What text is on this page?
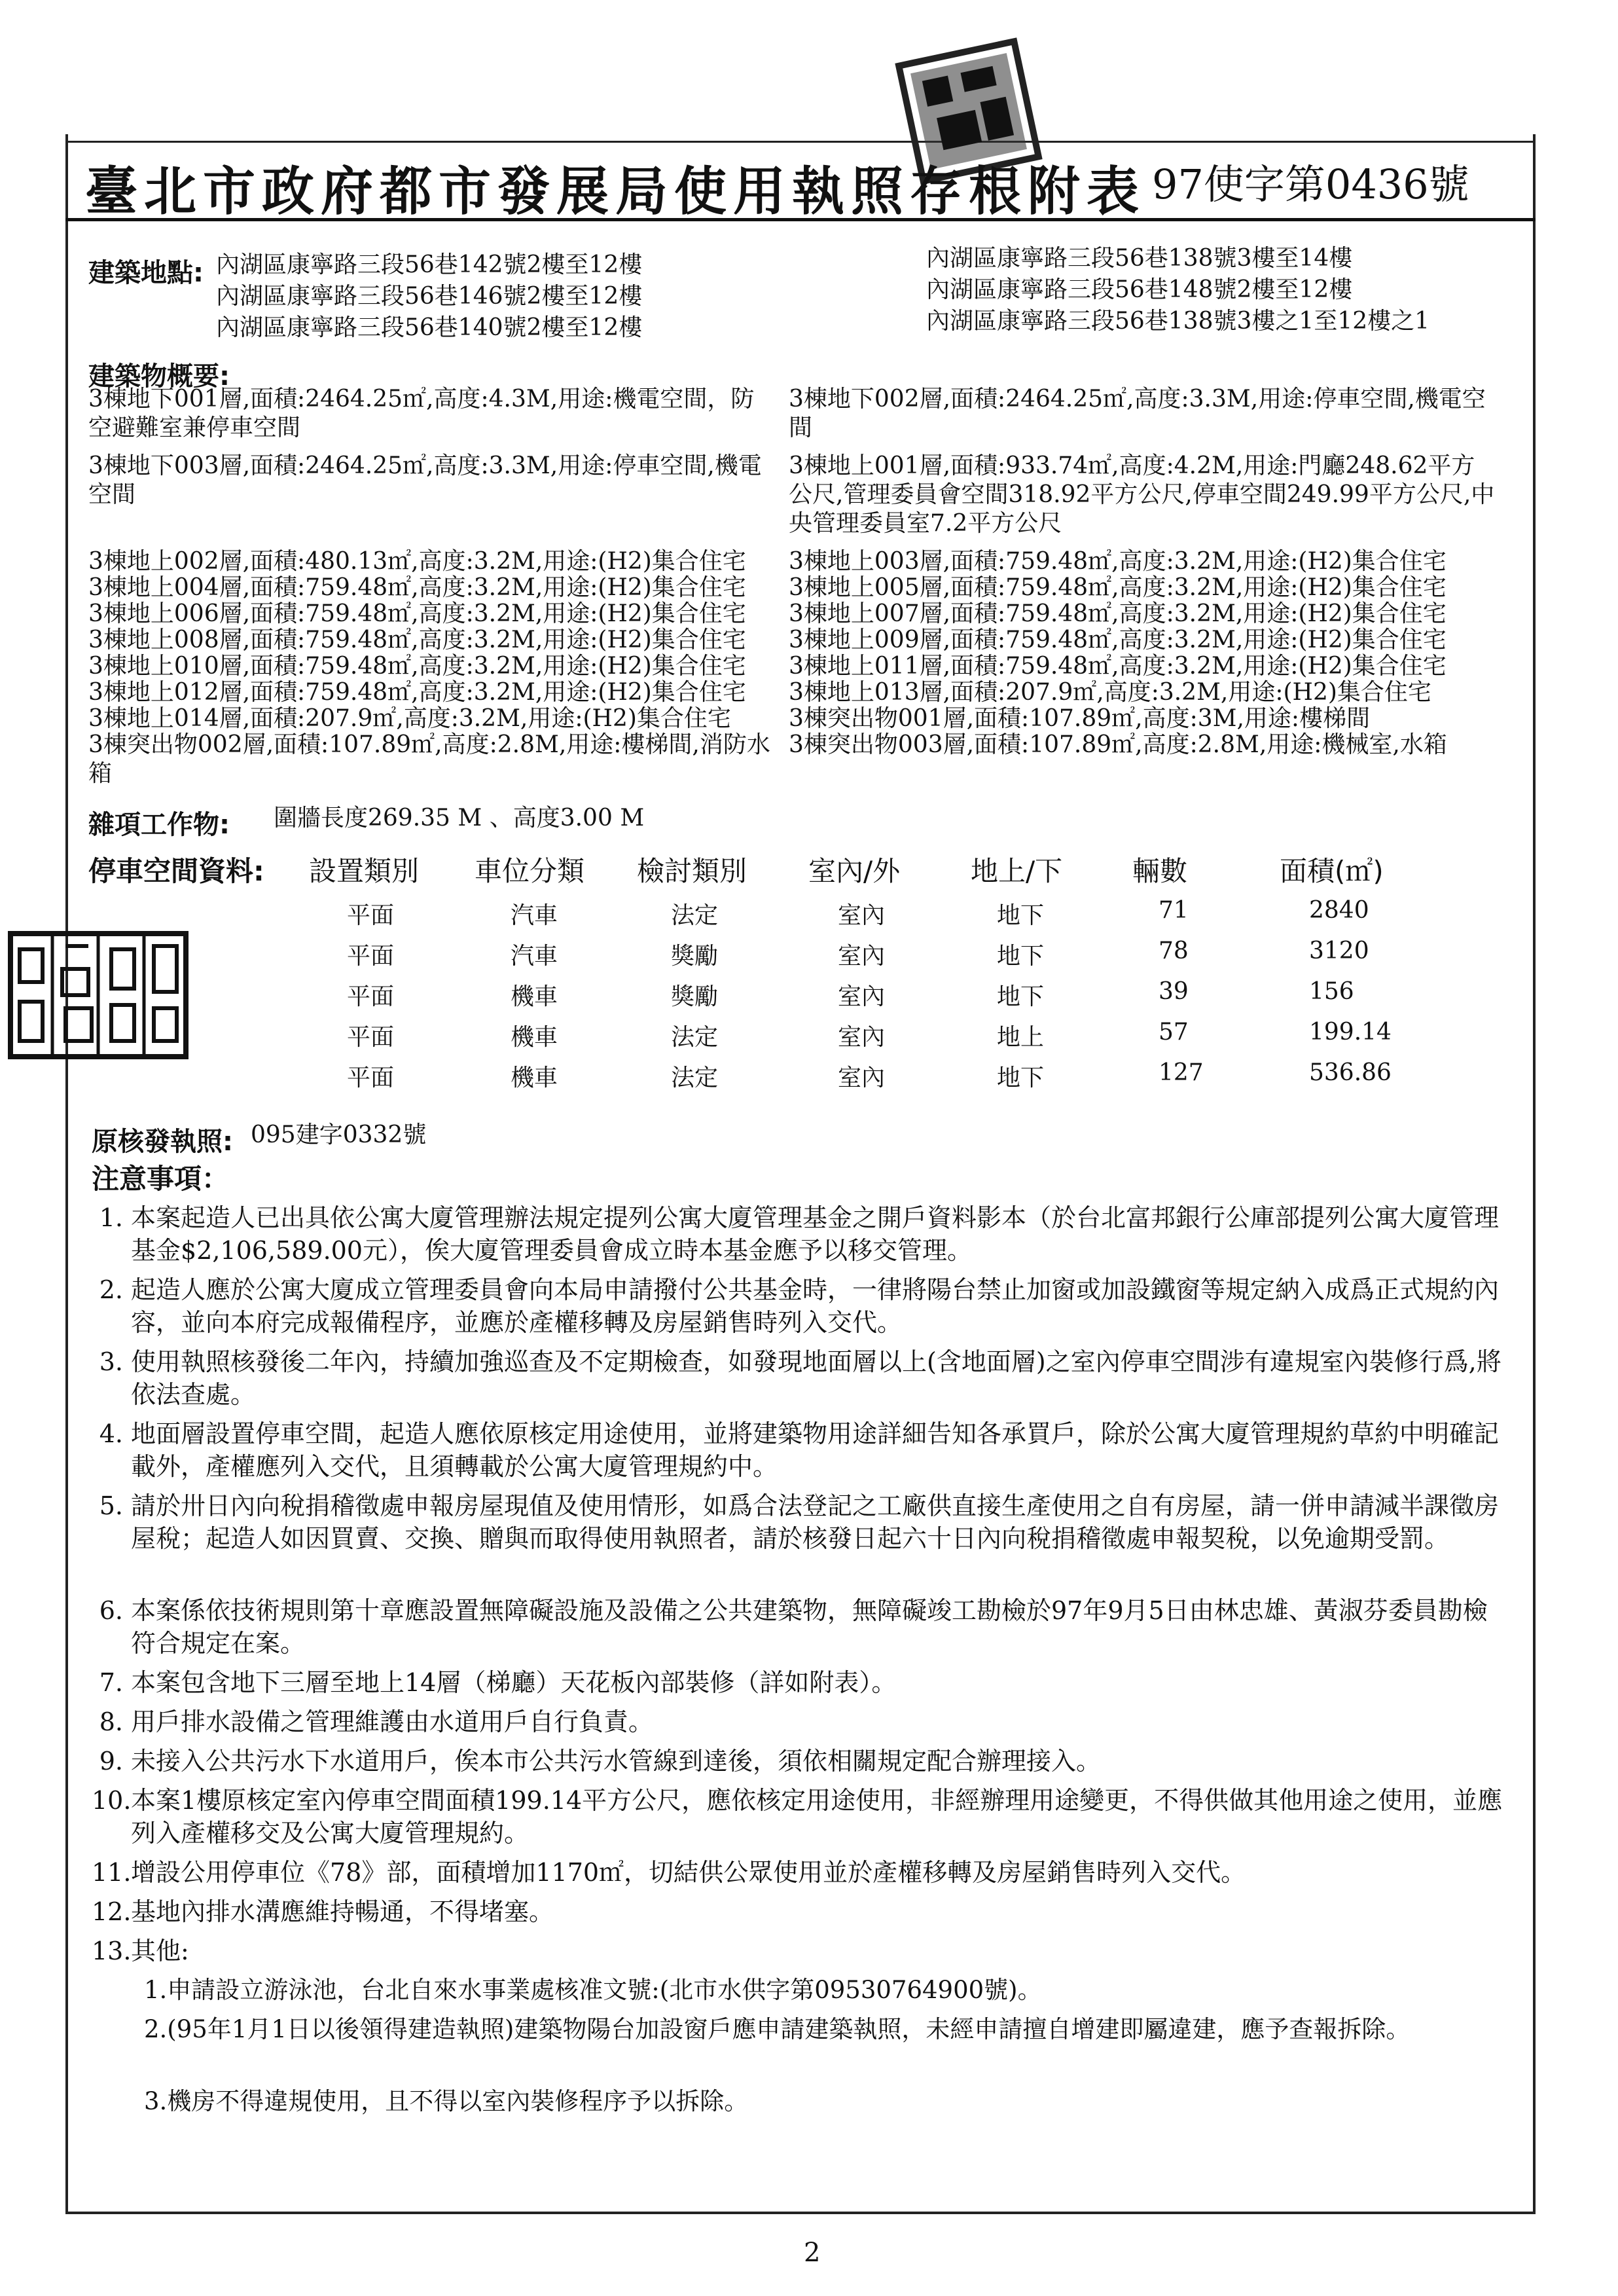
臺北市政府都市發展局使用執照存根附表 97使字第0436號
建築地點: 內湖區康寧路三段56巷142號2樓至12樓
內湖區康寧路三段56巷146號2樓至12樓
內湖區康寧路三段56巷140號2樓至12樓
內湖區康寧路三段56巷138號3樓至14樓
內湖區康寧路三段56巷148號2樓至12樓
內湖區康寧路三段56巷138號3樓之1至12樓之1
建築物概要:
3棟地下001層,面積:2464.25㎡,高度:4.3M,用途:機電空間，防空避難室兼停車空間
3棟地下003層,面積:2464.25㎡,高度:3.3M,用途:停車空間,機電空間
3棟地下002層,面積:2464.25㎡,高度:3.3M,用途:停車空間,機電空間
3棟地上001層,面積:933.74㎡,高度:4.2M,用途:門廳248.62平方公尺,管理委員會空間318.92平方公尺,停車空間249.99平方公尺,中央管理委員室7.2平方公尺
3棟地上002層,面積:480.13㎡,高度:3.2M,用途:(H2)集合住宅
3棟地上004層,面積:759.48㎡,高度:3.2M,用途:(H2)集合住宅
3棟地上006層,面積:759.48㎡,高度:3.2M,用途:(H2)集合住宅
3棟地上008層,面積:759.48㎡,高度:3.2M,用途:(H2)集合住宅
3棟地上010層,面積:759.48㎡,高度:3.2M,用途:(H2)集合住宅
3棟地上012層,面積:759.48㎡,高度:3.2M,用途:(H2)集合住宅
3棟地上014層,面積:207.9㎡,高度:3.2M,用途:(H2)集合住宅
3棟突出物002層,面積:107.89㎡,高度:2.8M,用途:樓梯間,消防水箱
3棟地上003層,面積:759.48㎡,高度:3.2M,用途:(H2)集合住宅
3棟地上005層,面積:759.48㎡,高度:3.2M,用途:(H2)集合住宅
3棟地上007層,面積:759.48㎡,高度:3.2M,用途:(H2)集合住宅
3棟地上009層,面積:759.48㎡,高度:3.2M,用途:(H2)集合住宅
3棟地上011層,面積:759.48㎡,高度:3.2M,用途:(H2)集合住宅
3棟地上013層,面積:207.9㎡,高度:3.2M,用途:(H2)集合住宅
3棟突出物001層,面積:107.89㎡,高度:3M,用途:樓梯間
3棟突出物003層,面積:107.89㎡,高度:2.8M,用途:機械室,水箱
雜項工作物: 圍牆長度269.35 M 、高度3.00 M
停車空間資料: 設置類別 車位分類 檢討類別 室內/外	地上/下	輛數	面積(㎡)
平面	汽車	法定	室內	地下	71	2840
平面	汽車	獎勵	室內	地下	78	3120
平面	機車	獎勵	室內	地下	39	156
平面	機車	法定	室內	地上	57	199.14
平面	機車	法定	室內	地下	127	536.86
原核發執照: 095建字0332號
注意事項：
1. 本案起造人已出具依公寓大廈管理辦法規定提列公寓大廈管理基金之開戶資料影本（於台北富邦銀行公庫部提列公寓大廈管理基金$2,106,589.00元），俟大廈管理委員會成立時本基金應予以移交管理。
2. 起造人應於公寓大廈成立管理委員會向本局申請撥付公共基金時，一律將陽台禁止加窗或加設鐵窗等規定納入成爲正式規約內容，並向本府完成報備程序，並應於產權移轉及房屋銷售時列入交代。
3. 使用執照核發後二年內，持續加強巡查及不定期檢查，如發現地面層以上(含地面層)之室內停車空間涉有違規室內裝修行爲,將依法查處。
4. 地面層設置停車空間，起造人應依原核定用途使用，並將建築物用途詳細告知各承買戶，除於公寓大廈管理規約草約中明確記載外，產權應列入交代，且須轉載於公寓大廈管理規約中。
5. 請於卅日內向稅捐稽徵處申報房屋現值及使用情形，如爲合法登記之工廠供直接生產使用之自有房屋，請一併申請減半課徵房屋稅；起造人如因買賣、交換、贈與而取得使用執照者，請於核發日起六十日內向稅捐稽徵處申報契稅，以免逾期受罰。
6. 本案係依技術規則第十章應設置無障礙設施及設備之公共建築物，無障礙竣工勘檢於97年9月5日由林忠雄、黃淑芬委員勘檢符合規定在案。
7. 本案包含地下三層至地上14層（梯廳）天花板內部裝修（詳如附表）。
8. 用戶排水設備之管理維護由水道用戶自行負責。
9. 未接入公共污水下水道用戶，俟本市公共污水管線到達後，須依相關規定配合辦理接入。
10. 本案1樓原核定室內停車空間面積199.14平方公尺，應依核定用途使用，非經辦理用途變更，不得供做其他用途之使用，並應列入產權移交及公寓大廈管理規約。
11. 增設公用停車位《78》部，面積增加1170㎡，切結供公眾使用並於產權移轉及房屋銷售時列入交代。
12. 基地內排水溝應維持暢通，不得堵塞。
13. 其他:
1.申請設立游泳池，台北自來水事業處核准文號:(北市水供字第09530764900號)。
2.(95年1月1日以後領得建造執照)建築物陽台加設窗戶應申請建築執照，未經申請擅自增建即屬違建，應予查報拆除。
3.機房不得違規使用，且不得以室內裝修程序予以拆除。
2
